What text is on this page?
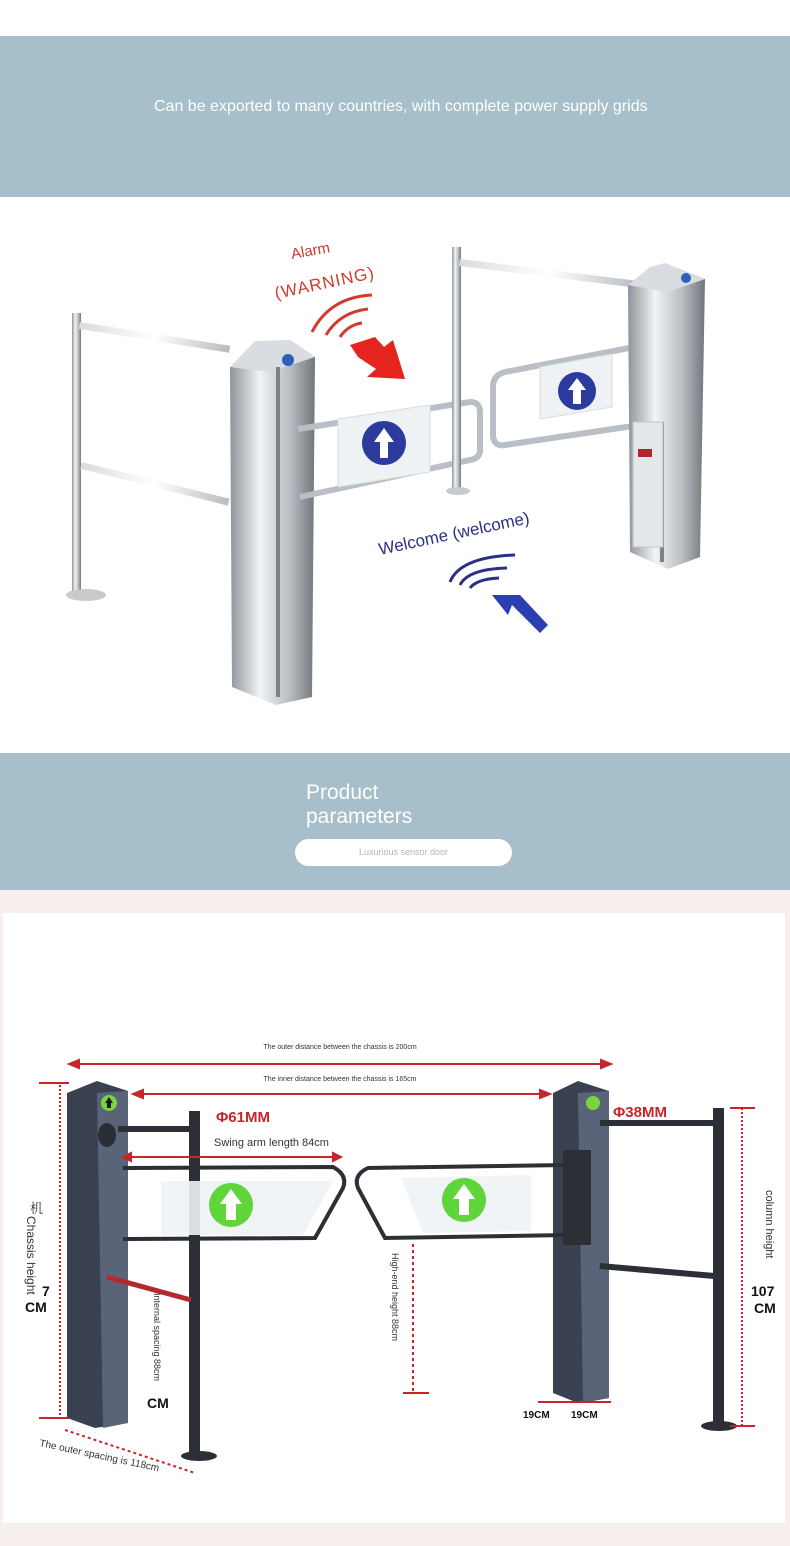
Can be exported to many countries, with complete power supply grids
Alarm
(WARNING)
Welcome (welcome)
Product parameters
Luxurious sensor door
The outer distance between the chassis is 200cm
The inner distance between the chassis is 165cm
Φ61MM	Φ38MM
Swing arm length 84cm
机
Chassis height 7
CM	Internal spacing 88cm
CM
High-end height 88cm
column height
107
CM
19CM 19CM
The outer spacing is 118cm
